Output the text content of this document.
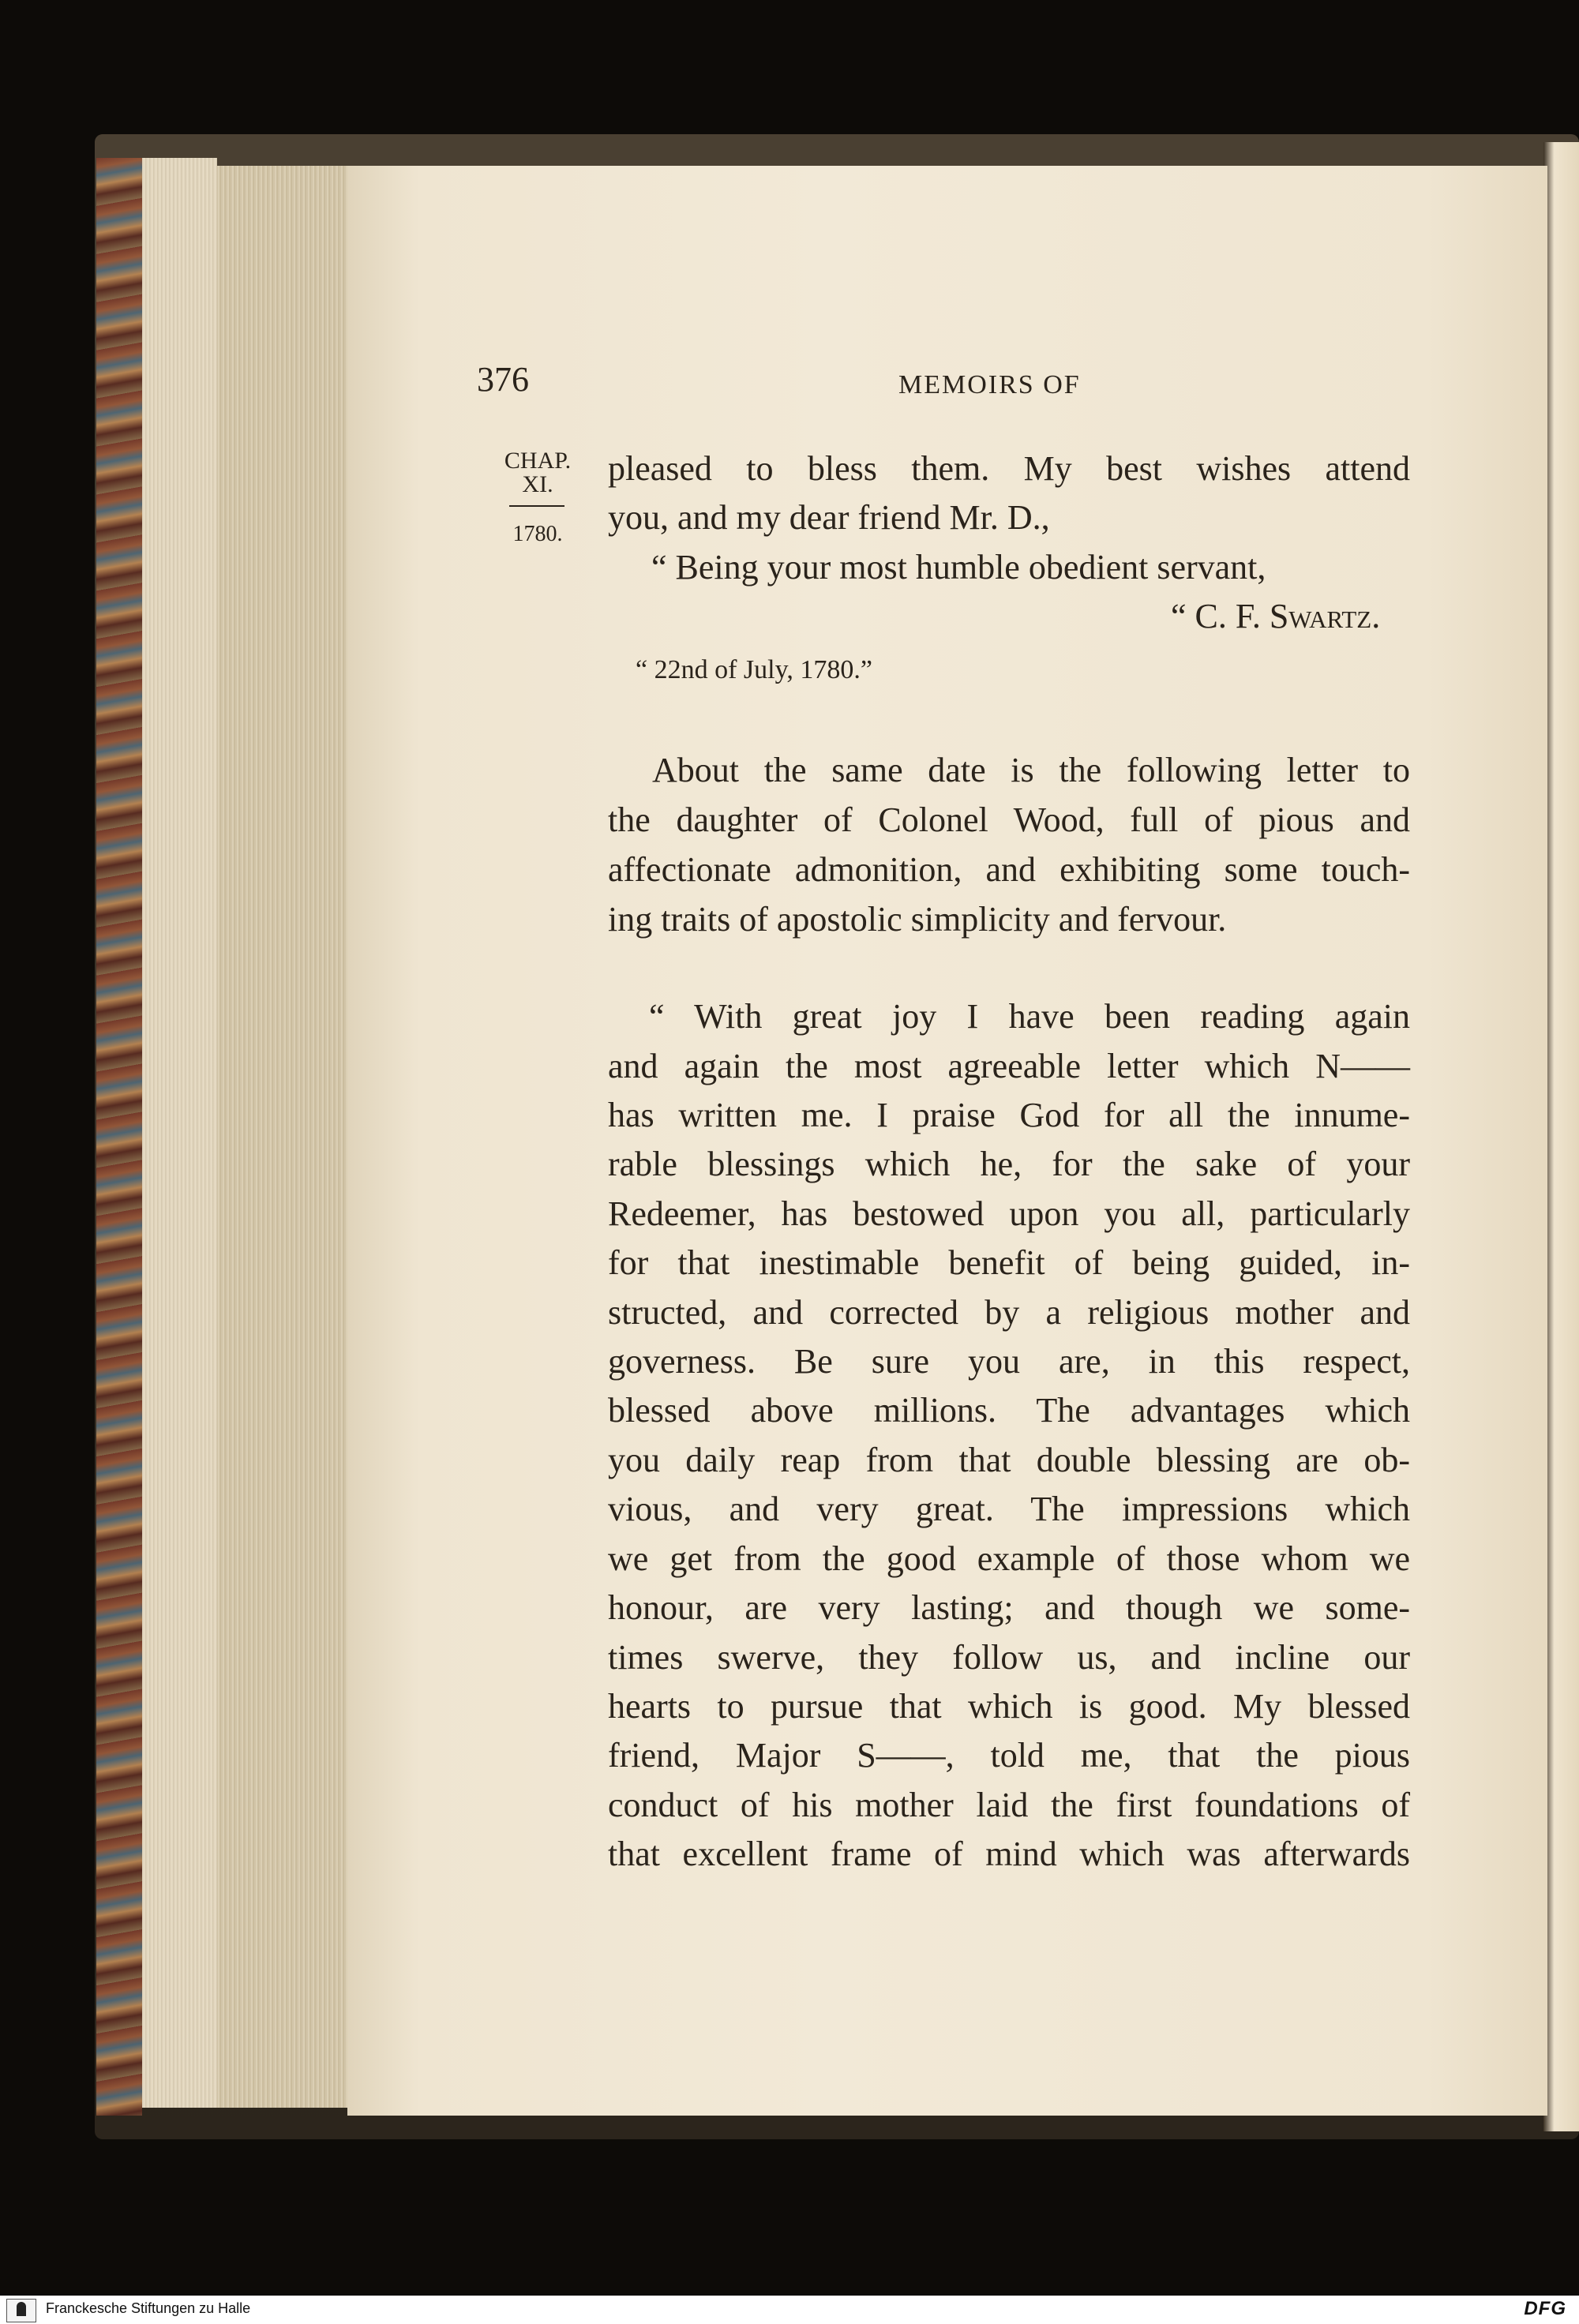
376	MEMOIRS OF
CHAP.
XI.
1780.
pleased to bless them. My best wishes attend
you, and my dear friend Mr. D.,
“ Being your most humble obedient servant,
“ C. F. Swartz.
“ 22nd of July, 1780.”
About the same date is the following letter to
the daughter of Colonel Wood, full of pious and
affectionate admonition, and exhibiting some touch-
ing traits of apostolic simplicity and fervour.
“ With great joy I have been reading again
and again the most agreeable letter which N——
has written me. I praise God for all the innume-
rable blessings which he, for the sake of your
Redeemer, has bestowed upon you all, particularly
for that inestimable benefit of being guided, in-
structed, and corrected by a religious mother and
governess. Be sure you are, in this respect,
blessed above millions. The advantages which
you daily reap from that double blessing are ob-
vious, and very great. The impressions which
we get from the good example of those whom we
honour, are very lasting; and though we some-
times swerve, they follow us, and incline our
hearts to pursue that which is good. My blessed
friend, Major S——, told me, that the pious
conduct of his mother laid the first foundations of
that excellent frame of mind which was afterwards
Franckesche Stiftungen zu Halle	DFG
